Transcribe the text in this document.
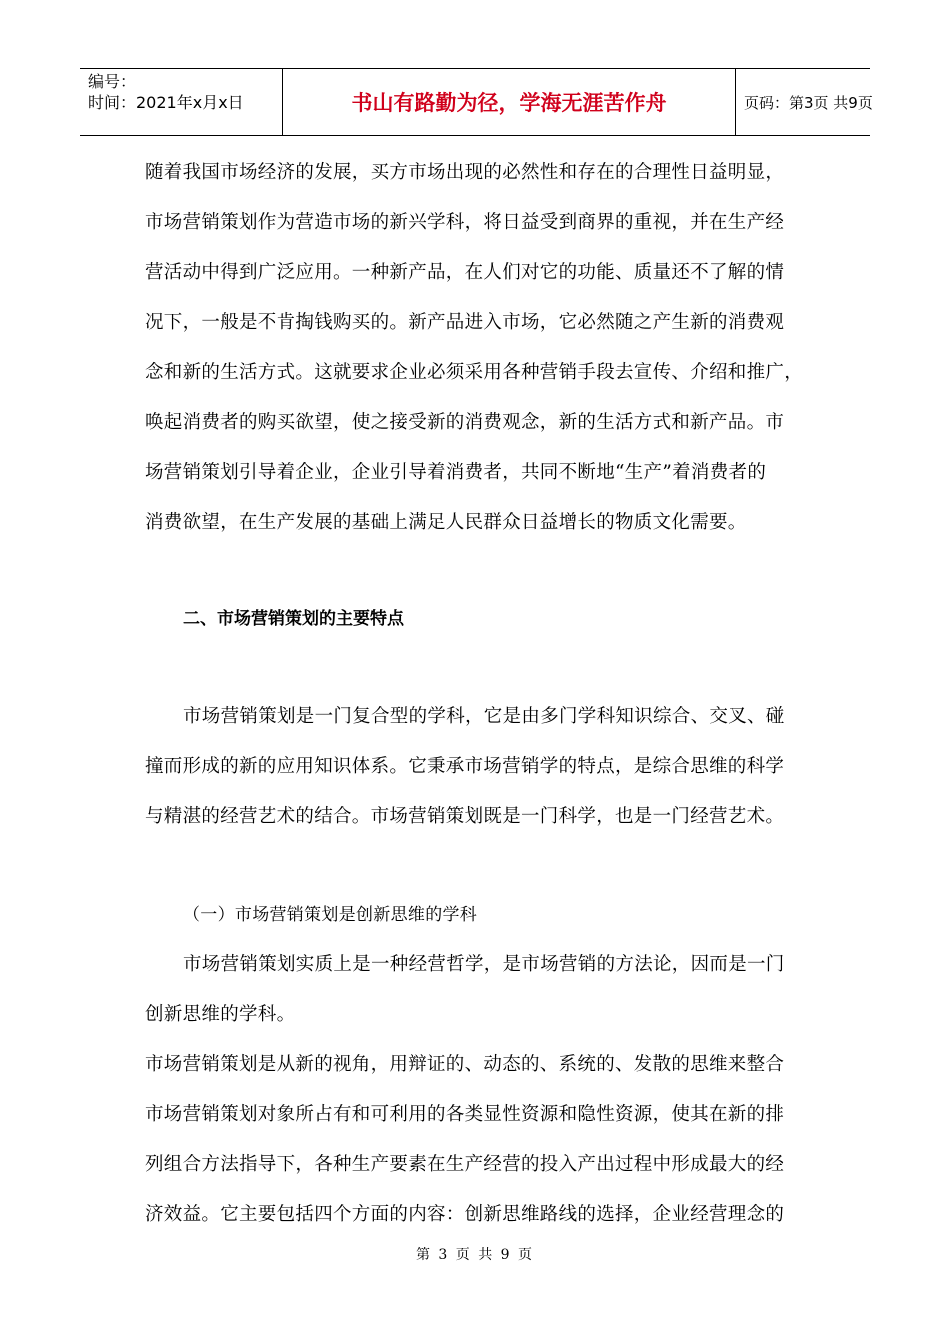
编号：
时间：2021年x月x日	书山有路勤为径，学海无涯苦作舟	页码：第3页 共9页

随着我国市场经济的发展，买方市场出现的必然性和存在的合理性日益明显，
市场营销策划作为营造市场的新兴学科，将日益受到商界的重视，并在生产经
营活动中得到广泛应用。一种新产品，在人们对它的功能、质量还不了解的情
况下，一般是不肯掏钱购买的。新产品进入市场，它必然随之产生新的消费观
念和新的生活方式。这就要求企业必须采用各种营销手段去宣传、介绍和推广，
唤起消费者的购买欲望，使之接受新的消费观念，新的生活方式和新产品。市
场营销策划引导着企业，企业引导着消费者，共同不断地“生产”着消费者的
消费欲望，在生产发展的基础上满足人民群众日益增长的物质文化需要。

二、市场营销策划的主要特点

市场营销策划是一门复合型的学科，它是由多门学科知识综合、交叉、碰
撞而形成的新的应用知识体系。它秉承市场营销学的特点，是综合思维的科学
与精湛的经营艺术的结合。市场营销策划既是一门科学，也是一门经营艺术。

（一）市场营销策划是创新思维的学科

市场营销策划实质上是一种经营哲学，是市场营销的方法论，因而是一门
创新思维的学科。

市场营销策划是从新的视角，用辩证的、动态的、系统的、发散的思维来整合
市场营销策划对象所占有和可利用的各类显性资源和隐性资源，使其在新的排
列组合方法指导下，各种生产要素在生产经营的投入产出过程中形成最大的经
济效益。它主要包括四个方面的内容：创新思维路线的选择，企业经营理念的

第 3 页 共 9 页
